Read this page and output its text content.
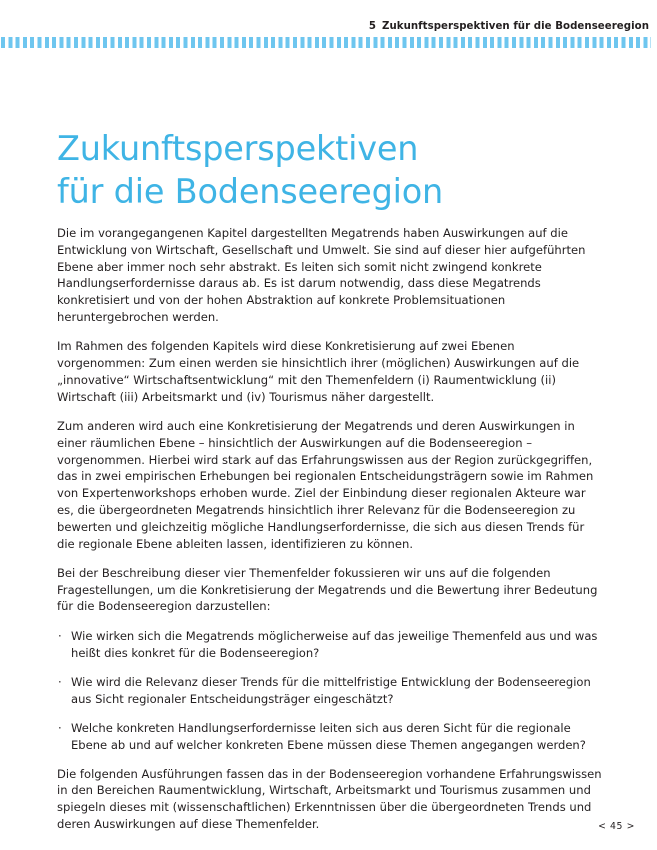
5 Zukunftsperspektiven für die Bodenseeregion
Zukunftsperspektiven
für die Bodenseeregion

Die im vorangegangenen Kapitel dargestellten Megatrends haben Auswirkungen auf die Entwicklung von Wirtschaft, Gesellschaft und Umwelt. Sie sind auf dieser hier aufgeführten Ebene aber immer noch sehr abstrakt. Es leiten sich somit nicht zwingend konkrete Handlungserfordernisse daraus ab. Es ist darum notwendig, dass diese Megatrends konkretisiert und von der hohen Abstraktion auf konkrete Problemsituationen heruntergebrochen werden.

Im Rahmen des folgenden Kapitels wird diese Konkretisierung auf zwei Ebenen vorgenommen: Zum einen werden sie hinsichtlich ihrer (möglichen) Auswirkungen auf die „innovative“ Wirtschaftsentwicklung“ mit den Themenfeldern (i) Raumentwicklung (ii) Wirtschaft (iii) Arbeitsmarkt und (iv) Tourismus näher dargestellt.

Zum anderen wird auch eine Konkretisierung der Megatrends und deren Auswirkungen in einer räumlichen Ebene – hinsichtlich der Auswirkungen auf die Bodenseeregion – vorgenommen. Hierbei wird stark auf das Erfahrungswissen aus der Region zurückgegriffen, das in zwei empirischen Erhebungen bei regionalen Entscheidungsträgern sowie im Rahmen von Expertenworkshops erhoben wurde. Ziel der Einbindung dieser regionalen Akteure war es, die übergeordneten Megatrends hinsichtlich ihrer Relevanz für die Bodenseeregion zu bewerten und gleichzeitig mögliche Handlungserfordernisse, die sich aus diesen Trends für die regionale Ebene ableiten lassen, identifizieren zu können.

Bei der Beschreibung dieser vier Themenfelder fokussieren wir uns auf die folgenden Fragestellungen, um die Konkretisierung der Megatrends und die Bewertung ihrer Bedeutung für die Bodenseeregion darzustellen:

· Wie wirken sich die Megatrends möglicherweise auf das jeweilige Themenfeld aus und was heißt dies konkret für die Bodenseeregion?
· Wie wird die Relevanz dieser Trends für die mittelfristige Entwicklung der Bodenseeregion aus Sicht regionaler Entscheidungsträger eingeschätzt?
· Welche konkreten Handlungserfordernisse leiten sich aus deren Sicht für die regionale Ebene ab und auf welcher konkreten Ebene müssen diese Themen angegangen werden?

Die folgenden Ausführungen fassen das in der Bodenseeregion vorhandene Erfahrungswissen in den Bereichen Raumentwicklung, Wirtschaft, Arbeitsmarkt und Tourismus zusammen und spiegeln dieses mit (wissenschaftlichen) Erkenntnissen über die übergeordneten Trends und deren Auswirkungen auf diese Themenfelder.	< 45 >
